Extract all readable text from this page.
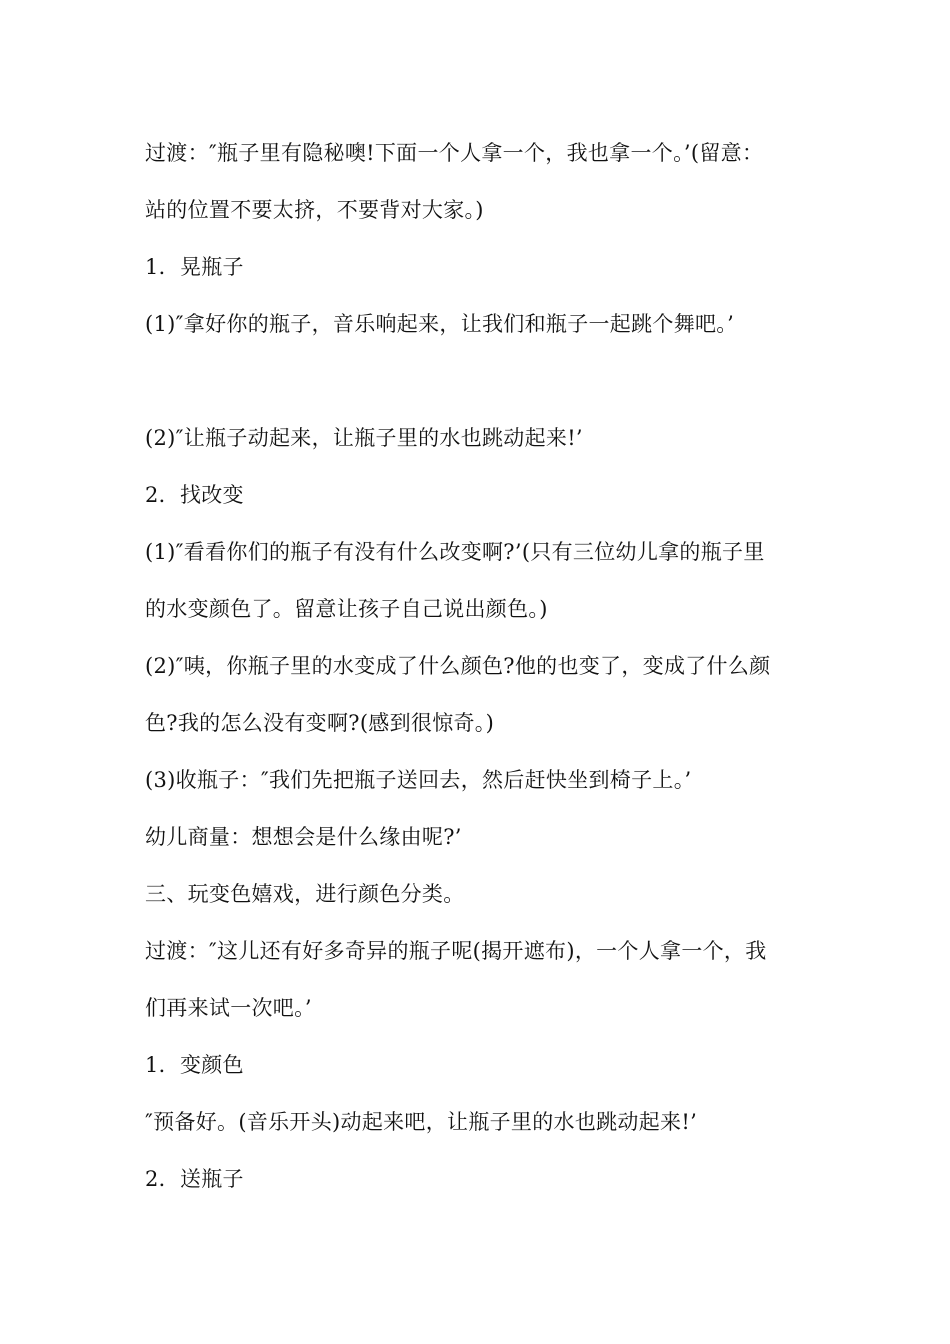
过渡：″瓶子里有隐秘噢!下面一个人拿一个，我也拿一个。’(留意：
站的位置不要太挤，不要背对大家。)
1．晃瓶子
(1)″拿好你的瓶子，音乐响起来，让我们和瓶子一起跳个舞吧。’
(2)″让瓶子动起来，让瓶子里的水也跳动起来!’
2．找改变
(1)″看看你们的瓶子有没有什么改变啊?’(只有三位幼儿拿的瓶子里
的水变颜色了。留意让孩子自己说出颜色。)
(2)″咦，你瓶子里的水变成了什么颜色?他的也变了，变成了什么颜
色?我的怎么没有变啊?(感到很惊奇。)
(3)收瓶子：″我们先把瓶子送回去，然后赶快坐到椅子上。’
幼儿商量：想想会是什么缘由呢?’
三、玩变色嬉戏，进行颜色分类。
过渡：″这儿还有好多奇异的瓶子呢(揭开遮布)，一个人拿一个，我
们再来试一次吧。’
1．变颜色
″预备好。(音乐开头)动起来吧，让瓶子里的水也跳动起来!’
2．送瓶子
